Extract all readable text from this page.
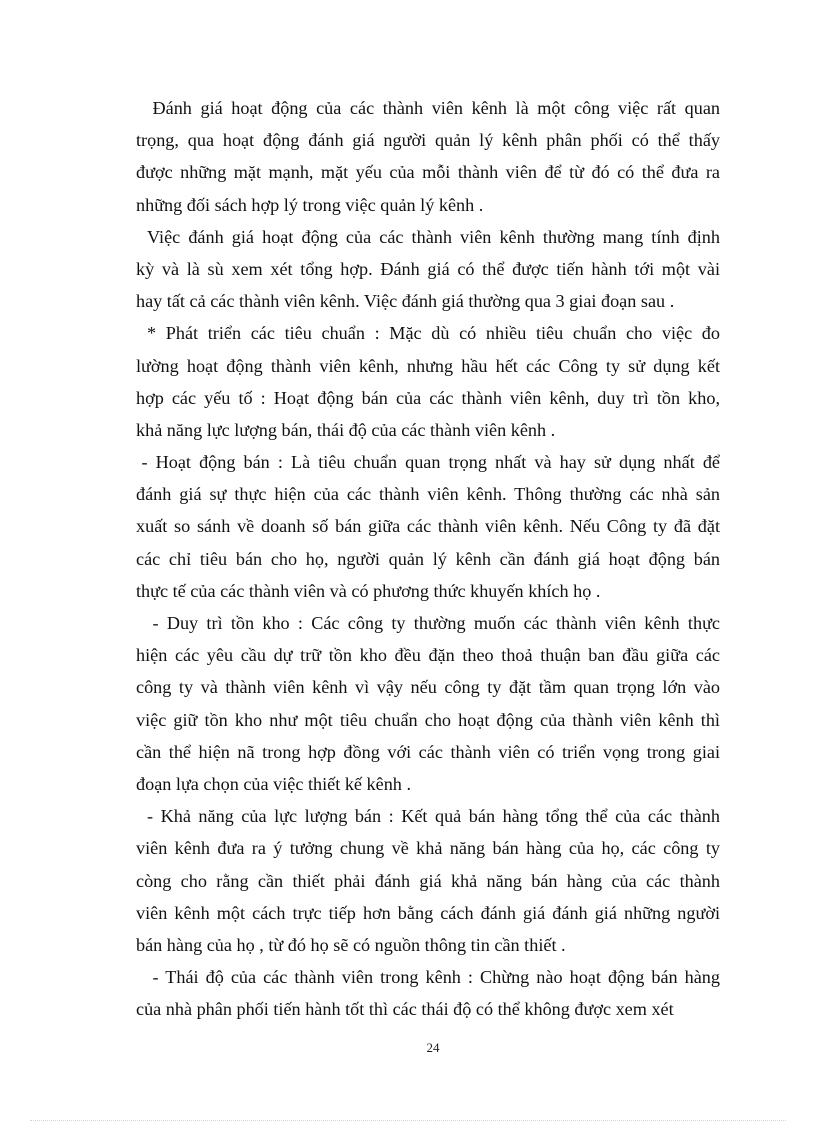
Đánh giá hoạt động của các thành viên kênh là một công việc rất quan
trọng, qua hoạt động đánh giá người quản lý kênh phân phối có thể thấy
được những mặt mạnh, mặt yếu của mỗi thành viên để từ đó có thể đưa ra
những đối sách hợp lý trong việc quản lý kênh .
Việc đánh giá hoạt động của các thành viên kênh thường mang tính định
kỳ và là sù xem xét tổng hợp. Đánh giá có thể được tiến hành tới một vài
hay tất cả các thành viên kênh. Việc đánh giá thường qua 3 giai đoạn sau .
* Phát triển các tiêu chuẩn : Mặc dù có nhiều tiêu chuẩn cho việc đo
lường hoạt động thành viên kênh, nhưng hầu hết các Công ty sử dụng kết
hợp các yếu tố : Hoạt động bán của các thành viên kênh, duy trì tồn kho,
khả năng lực lượng bán, thái độ của các thành viên kênh .
- Hoạt động bán : Là tiêu chuẩn quan trọng nhất và hay sử dụng nhất để
đánh giá sự thực hiện của các thành viên kênh. Thông thường các nhà sản
xuất so sánh về doanh số bán giữa các thành viên kênh. Nếu Công ty đã đặt
các chỉ tiêu bán cho họ, người quản lý kênh cần đánh giá hoạt động bán
thực tế của các thành viên và có phương thức khuyến khích họ .
- Duy trì tồn kho : Các công ty thường muốn các thành viên kênh thực
hiện các yêu cầu dự trữ tồn kho đều đặn theo thoả thuận ban đầu giữa các
công ty và thành viên kênh vì vậy nếu công ty đặt tầm quan trọng lớn vào
việc giữ tồn kho như một tiêu chuẩn cho hoạt động của thành viên kênh thì
cần thể hiện nã trong hợp đồng với các thành viên có triển vọng trong giai
đoạn lựa chọn của việc thiết kế kênh .
- Khả năng của lực lượng bán : Kết quả bán hàng tổng thể của các thành
viên kênh đưa ra ý tưởng chung về khả năng bán hàng của họ, các công ty
còng cho rằng cần thiết phải đánh giá khả năng bán hàng của các thành
viên kênh một cách trực tiếp hơn bằng cách đánh giá đánh giá những người
bán hàng của họ , từ đó họ sẽ có nguồn thông tin cần thiết .
- Thái độ của các thành viên trong kênh : Chừng nào hoạt động bán hàng
của nhà phân phối tiến hành tốt thì các thái độ có thể không được xem xét
24
